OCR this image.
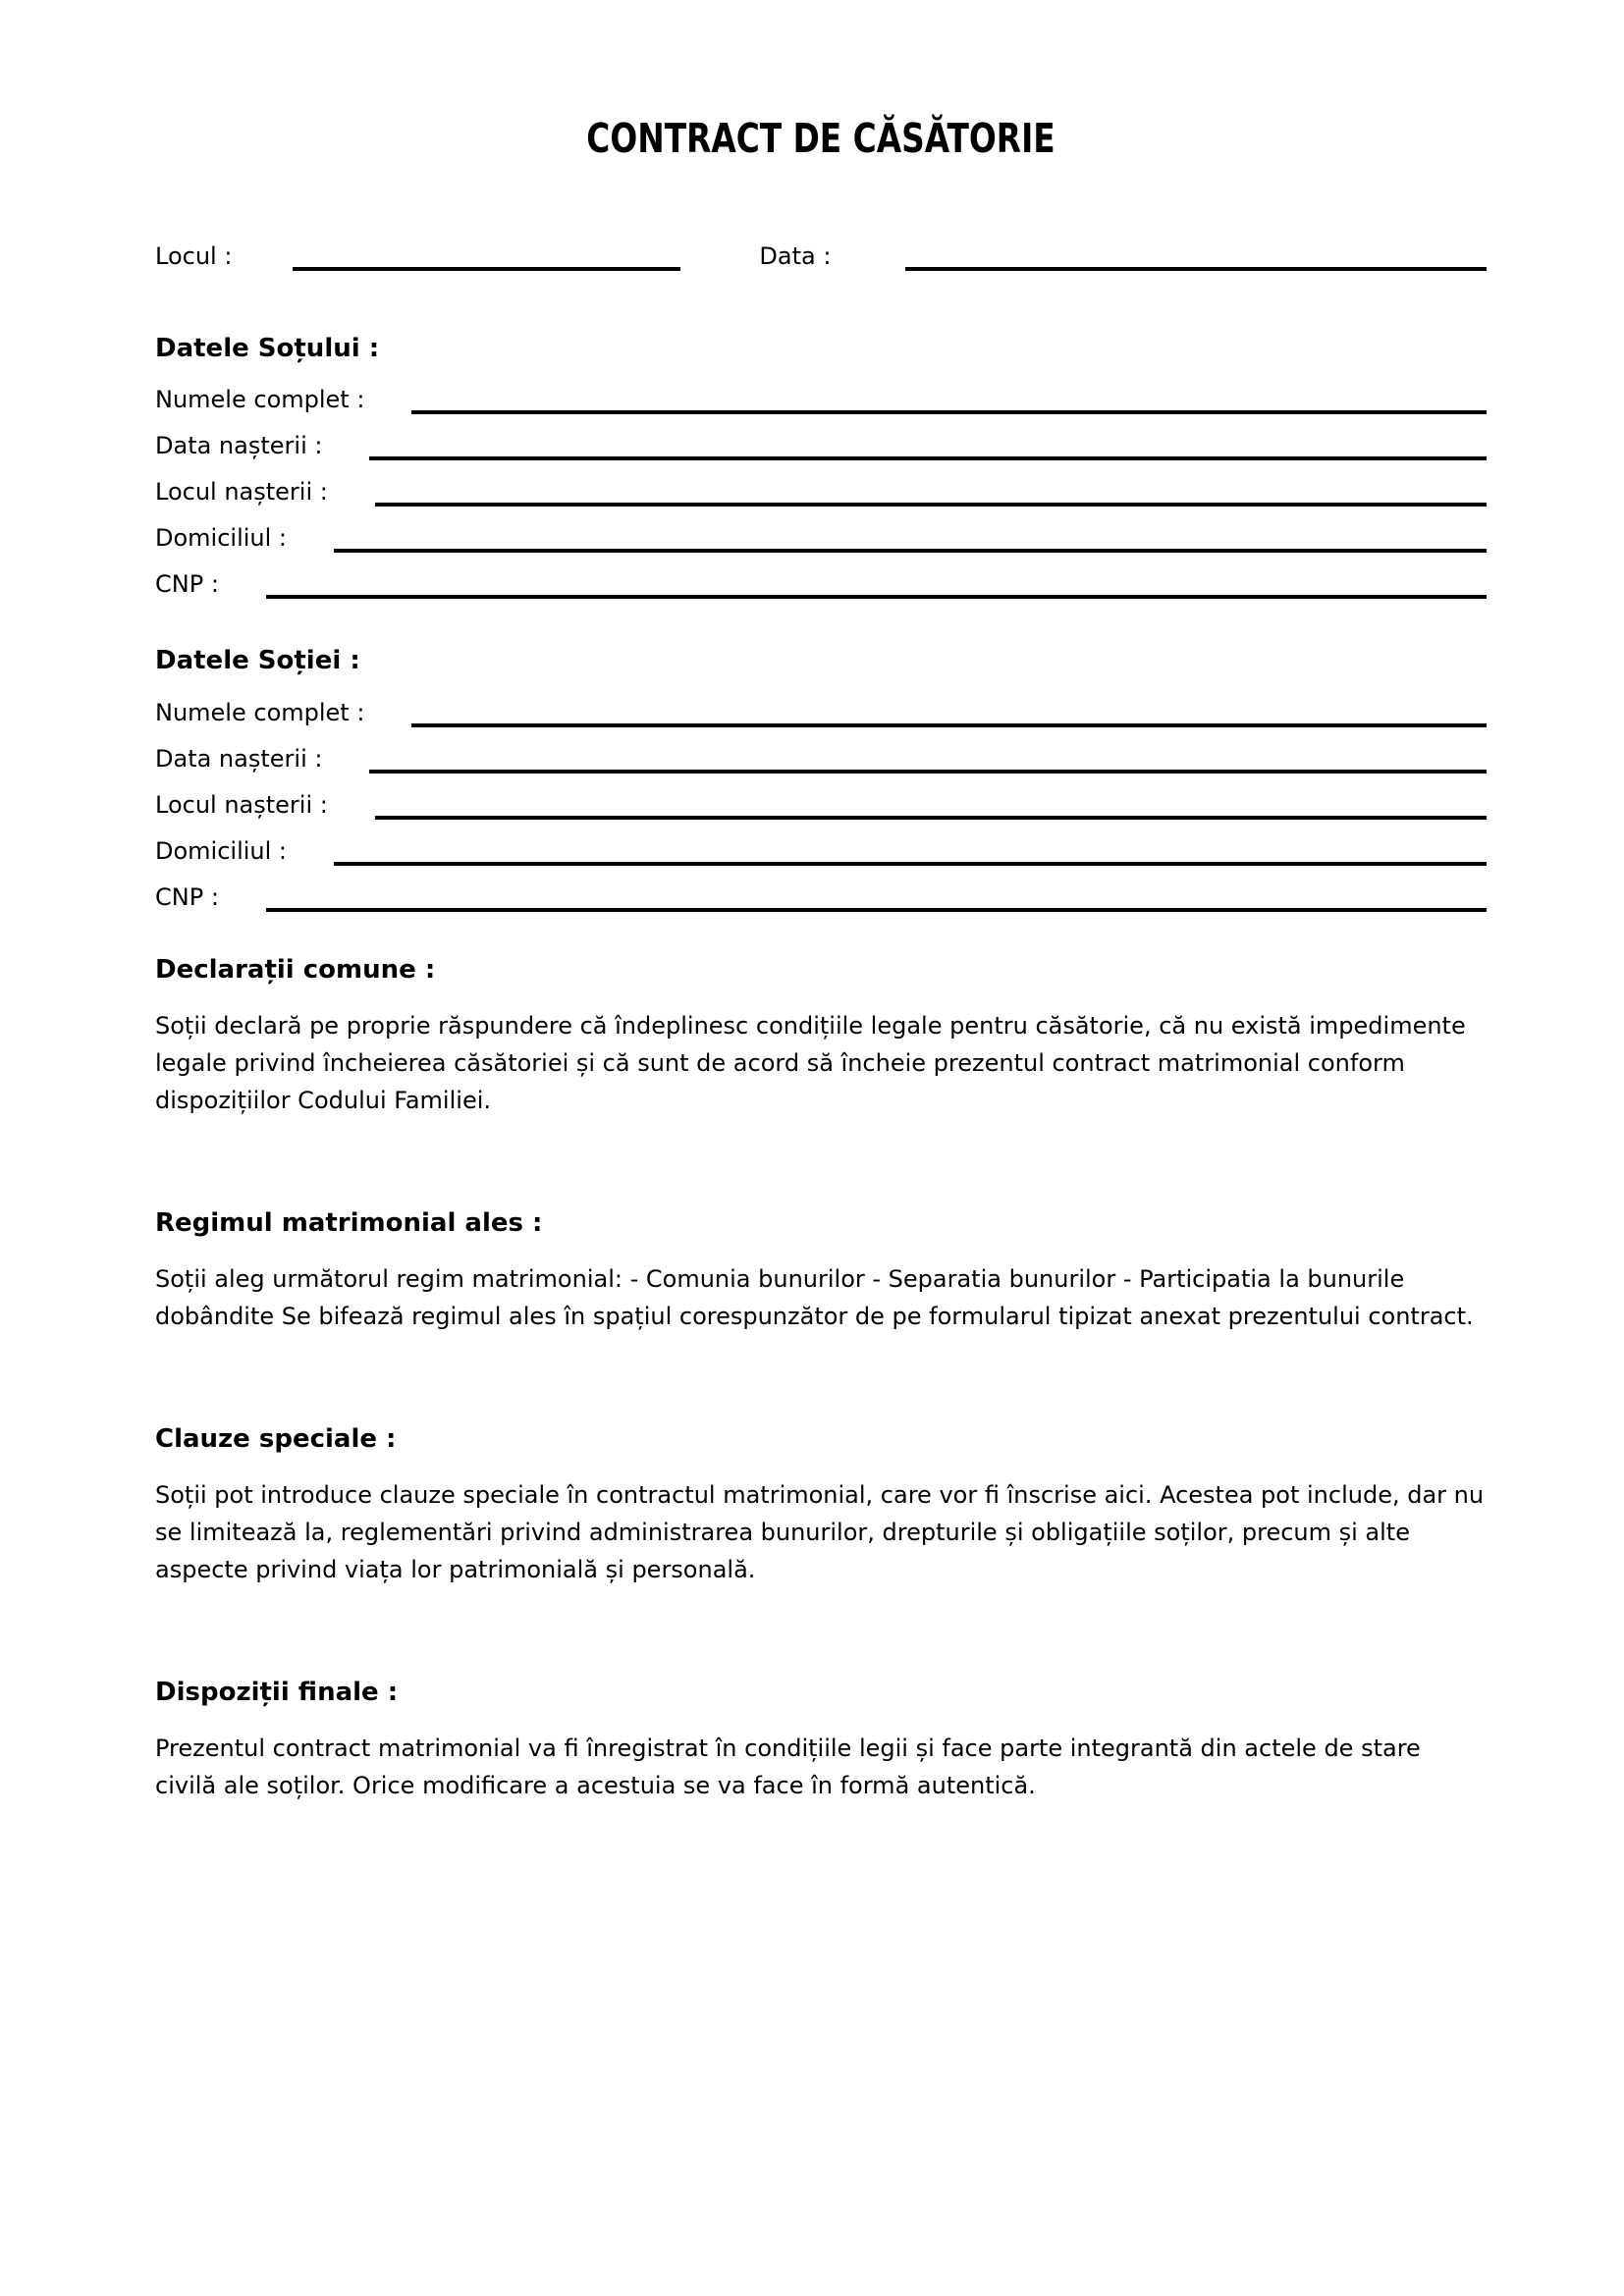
CONTRACT DE CĂSĂTORIE
Locul :	Data :
Datele Soțului :
Numele complet :
Data nașterii :
Locul nașterii :
Domiciliul :
CNP :
Datele Soției :
Numele complet :
Data nașterii :
Locul nașterii :
Domiciliul :
CNP :
Declarații comune :

Soții declară pe proprie răspundere că îndeplinesc condițiile legale pentru căsătorie, că nu există impedimente legale privind încheierea căsătoriei și că sunt de acord să încheie prezentul contract matrimonial conform dispozițiilor Codului Familiei.

Regimul matrimonial ales :

Soții aleg următorul regim matrimonial: - Comunia bunurilor - Separatia bunurilor - Participatia la bunurile dobândite Se bifează regimul ales în spațiul corespunzător de pe formularul tipizat anexat prezentului contract.

Clauze speciale :

Soții pot introduce clauze speciale în contractul matrimonial, care vor fi înscrise aici. Acestea pot include, dar nu se limitează la, reglementări privind administrarea bunurilor, drepturile și obligațiile soților, precum și alte aspecte privind viața lor patrimonială și personală.

Dispoziții finale :

Prezentul contract matrimonial va fi înregistrat în condițiile legii și face parte integrantă din actele de stare civilă ale soților. Orice modificare a acestuia se va face în formă autentică.
